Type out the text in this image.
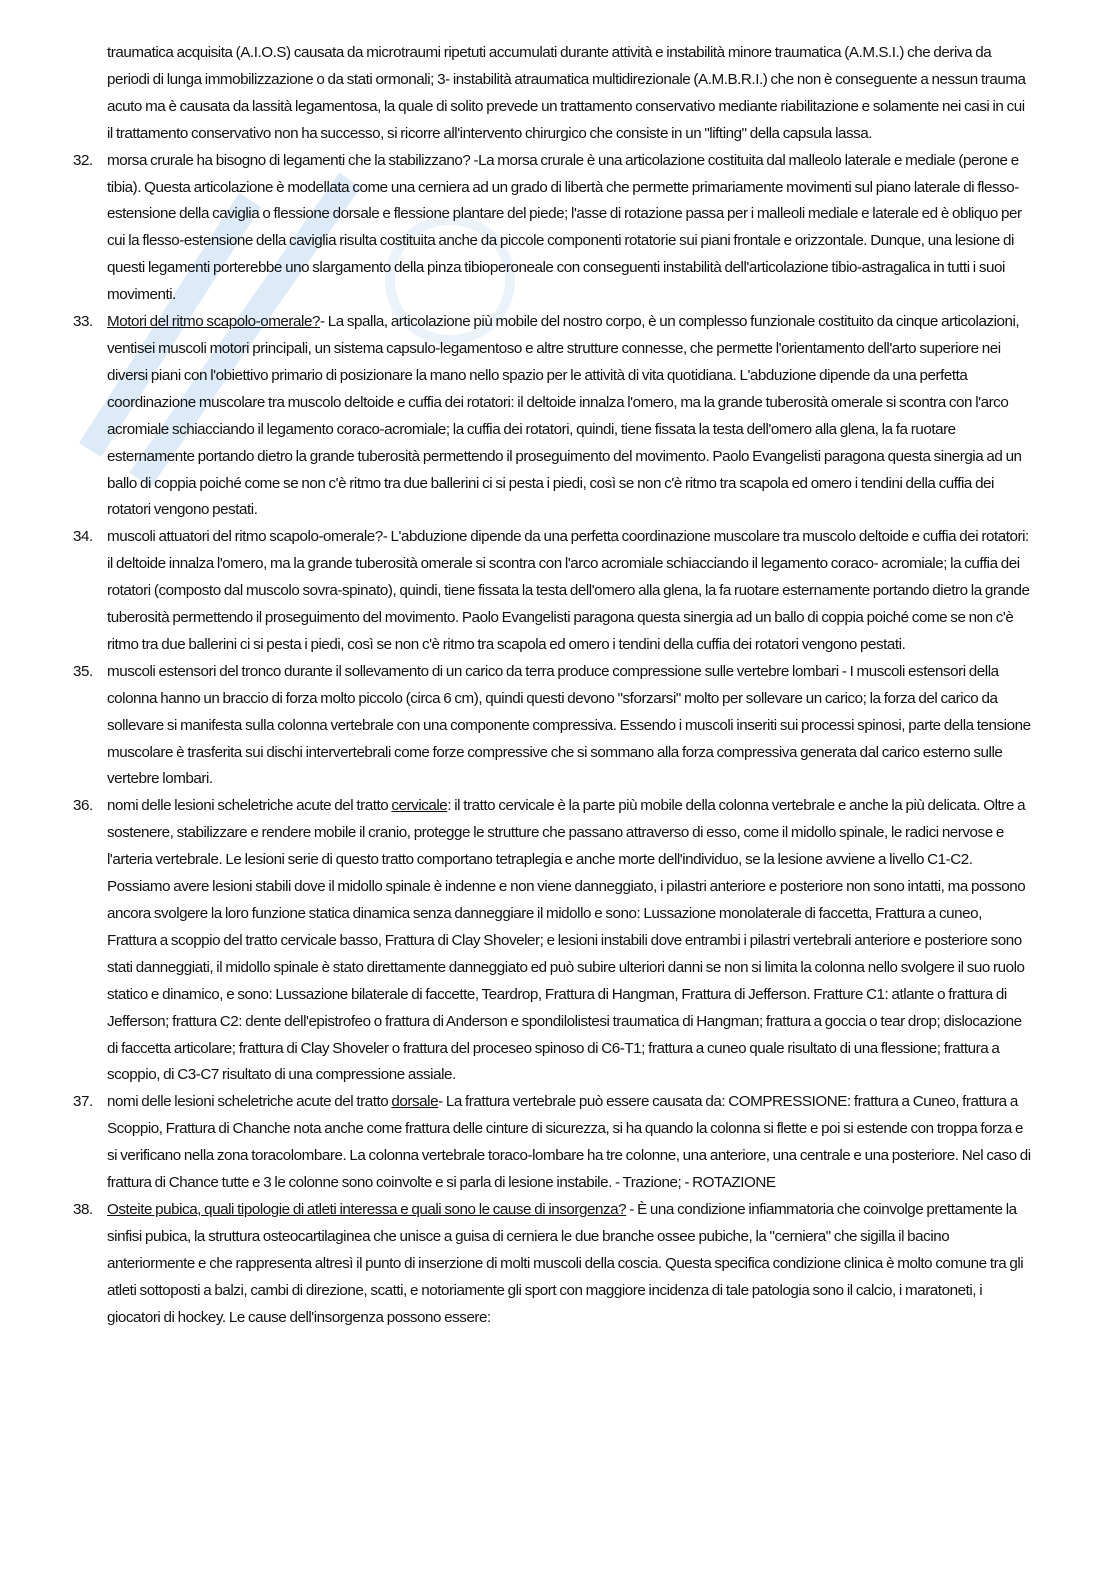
traumatica acquisita (A.I.O.S) causata da microtraumi ripetuti accumulati durante attività e instabilità minore traumatica (A.M.S.I.) che deriva da periodi di lunga immobilizzazione o da stati ormonali; 3- instabilità atraumatica multidirezionale (A.M.B.R.I.) che non è conseguente a nessun trauma acuto ma è causata da lassità legamentosa, la quale di solito prevede un trattamento conservativo mediante riabilitazione e solamente nei casi in cui il trattamento conservativo non ha successo, si ricorre all'intervento chirurgico che consiste in un "lifting" della capsula lassa.

32. morsa crurale ha bisogno di legamenti che la stabilizzano? -La morsa crurale è una articolazione costituita dal malleolo laterale e mediale (perone e tibia). Questa articolazione è modellata come una cerniera ad un grado di libertà che permette primariamente movimenti sul piano laterale di flesso-estensione della caviglia o flessione dorsale e flessione plantare del piede; l'asse di rotazione passa per i malleoli mediale e laterale ed è obliquo per cui la flesso-estensione della caviglia risulta costituita anche da piccole componenti rotatorie sui piani frontale e orizzontale. Dunque, una lesione di questi legamenti porterebbe uno slargamento della pinza tibioperoneale con conseguenti instabilità dell'articolazione tibio-astragalica in tutti i suoi movimenti.
33. Motori del ritmo scapolo-omerale?- La spalla, articolazione più mobile del nostro corpo, è un complesso funzionale costituito da cinque articolazioni, ventisei muscoli motori principali, un sistema capsulo-legamentoso e altre strutture connesse, che permette l'orientamento dell'arto superiore nei diversi piani con l'obiettivo primario di posizionare la mano nello spazio per le attività di vita quotidiana. L'abduzione dipende da una perfetta coordinazione muscolare tra muscolo deltoide e cuffia dei rotatori: il deltoide innalza l'omero, ma la grande tuberosità omerale si scontra con l'arco acromiale schiacciando il legamento coraco-acromiale; la cuffia dei rotatori, quindi, tiene fissata la testa dell'omero alla glena, la fa ruotare esternamente portando dietro la grande tuberosità permettendo il proseguimento del movimento. Paolo Evangelisti paragona questa sinergia ad un ballo di coppia poiché come se non c'è ritmo tra due ballerini ci si pesta i piedi, così se non c'è ritmo tra scapola ed omero i tendini della cuffia dei rotatori vengono pestati.
34. muscoli attuatori del ritmo scapolo-omerale?- L'abduzione dipende da una perfetta coordinazione muscolare tra muscolo deltoide e cuffia dei rotatori: il deltoide innalza l'omero, ma la grande tuberosità omerale si scontra con l'arco acromiale schiacciando il legamento coraco- acromiale; la cuffia dei rotatori (composto dal muscolo sovra-spinato), quindi, tiene fissata la testa dell'omero alla glena, la fa ruotare esternamente portando dietro la grande tuberosità permettendo il proseguimento del movimento. Paolo Evangelisti paragona questa sinergia ad un ballo di coppia poiché come se non c'è ritmo tra due ballerini ci si pesta i piedi, così se non c'è ritmo tra scapola ed omero i tendini della cuffia dei rotatori vengono pestati.
35. muscoli estensori del tronco durante il sollevamento di un carico da terra produce compressione sulle vertebre lombari - I muscoli estensori della colonna hanno un braccio di forza molto piccolo (circa 6 cm), quindi questi devono "sforzarsi" molto per sollevare un carico; la forza del carico da sollevare si manifesta sulla colonna vertebrale con una componente compressiva. Essendo i muscoli inseriti sui processi spinosi, parte della tensione muscolare è trasferita sui dischi intervertebrali come forze compressive che si sommano alla forza compressiva generata dal carico esterno sulle vertebre lombari.
36. nomi delle lesioni scheletriche acute del tratto cervicale: il tratto cervicale è la parte più mobile della colonna vertebrale e anche la più delicata. Oltre a sostenere, stabilizzare e rendere mobile il cranio, protegge le strutture che passano attraverso di esso, come il midollo spinale, le radici nervose e l'arteria vertebrale. Le lesioni serie di questo tratto comportano tetraplegia e anche morte dell'individuo, se la lesione avviene a livello C1-C2. Possiamo avere lesioni stabili dove il midollo spinale è indenne e non viene danneggiato, i pilastri anteriore e posteriore non sono intatti, ma possono ancora svolgere la loro funzione statica dinamica senza danneggiare il midollo e sono: Lussazione monolaterale di faccetta, Frattura a cuneo, Frattura a scoppio del tratto cervicale basso, Frattura di Clay Shoveler; e lesioni instabili dove entrambi i pilastri vertebrali anteriore e posteriore sono stati danneggiati, il midollo spinale è stato direttamente danneggiato ed può subire ulteriori danni se non si limita la colonna nello svolgere il suo ruolo statico e dinamico, e sono: Lussazione bilaterale di faccette, Teardrop, Frattura di Hangman, Frattura di Jefferson. Fratture C1: atlante o frattura di Jefferson; frattura C2: dente dell'epistrofeo o frattura di Anderson e spondilolistesi traumatica di Hangman; frattura a goccia o tear drop; dislocazione di faccetta articolare; frattura di Clay Shoveler o frattura del proceseo spinoso di C6-T1; frattura a cuneo quale risultato di una flessione; frattura a scoppio, di C3-C7 risultato di una compressione assiale.
37. nomi delle lesioni scheletriche acute del tratto dorsale- La frattura vertebrale può essere causata da: COMPRESSIONE: frattura a Cuneo, frattura a Scoppio, Frattura di Chanche nota anche come frattura delle cinture di sicurezza, si ha quando la colonna si flette e poi si estende con troppa forza e si verificano nella zona toracolombare. La colonna vertebrale toraco-lombare ha tre colonne, una anteriore, una centrale e una posteriore. Nel caso di frattura di Chance tutte e 3 le colonne sono coinvolte e si parla di lesione instabile. - Trazione; - ROTAZIONE
38. Osteite pubica, quali tipologie di atleti interessa e quali sono le cause di insorgenza? - È una condizione infiammatoria che coinvolge prettamente la sinfisi pubica, la struttura osteocartilaginea che unisce a guisa di cerniera le due branche ossee pubiche, la "cerniera" che sigilla il bacino anteriormente e che rappresenta altresì il punto di inserzione di molti muscoli della coscia. Questa specifica condizione clinica è molto comune tra gli atleti sottoposti a balzi, cambi di direzione, scatti, e notoriamente gli sport con maggiore incidenza di tale patologia sono il calcio, i maratoneti, i giocatori di hockey. Le cause dell'insorgenza possono essere:
